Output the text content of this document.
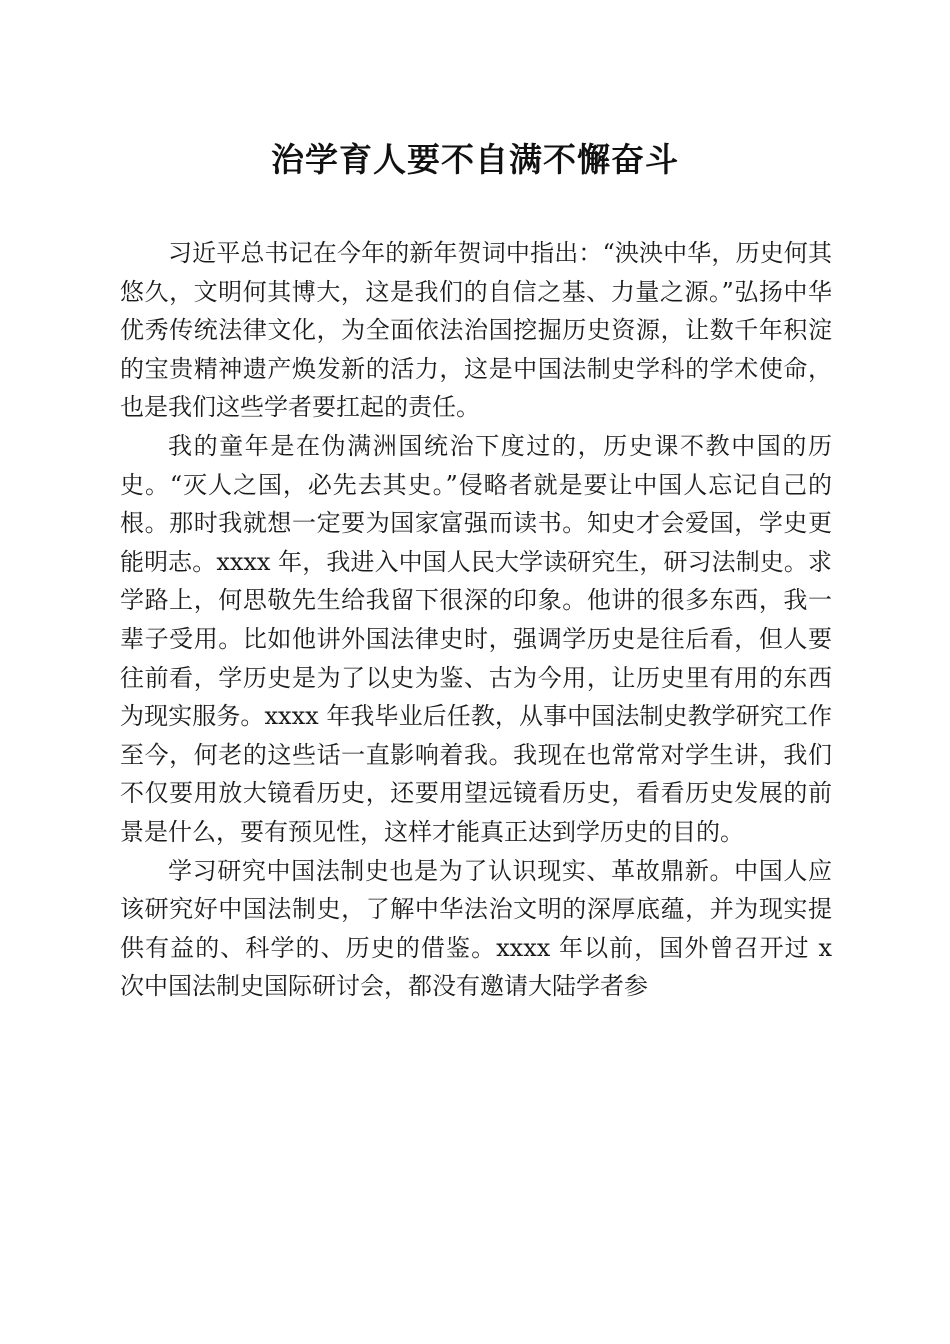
治学育人要不自满不懈奋斗

习近平总书记在今年的新年贺词中指出：“泱泱中华，历史何其悠久，文明何其博大，这是我们的自信之基、力量之源。”弘扬中华优秀传统法律文化，为全面依法治国挖掘历史资源，让数千年积淀的宝贵精神遗产焕发新的活力，这是中国法制史学科的学术使命，也是我们这些学者要扛起的责任。

我的童年是在伪满洲国统治下度过的，历史课不教中国的历史。“灭人之国，必先去其史。”侵略者就是要让中国人忘记自己的根。那时我就想一定要为国家富强而读书。知史才会爱国，学史更能明志。xxxx 年，我进入中国人民大学读研究生，研习法制史。求学路上，何思敬先生给我留下很深的印象。他讲的很多东西，我一辈子受用。比如他讲外国法律史时，强调学历史是往后看，但人要往前看，学历史是为了以史为鉴、古为今用，让历史里有用的东西为现实服务。xxxx 年我毕业后任教，从事中国法制史教学研究工作至今，何老的这些话一直影响着我。我现在也常常对学生讲，我们不仅要用放大镜看历史，还要用望远镜看历史，看看历史发展的前景是什么，要有预见性，这样才能真正达到学历史的目的。

学习研究中国法制史也是为了认识现实、革故鼎新。中国人应该研究好中国法制史，了解中华法治文明的深厚底蕴，并为现实提供有益的、科学的、历史的借鉴。xxxx 年以前，国外曾召开过 x 次中国法制史国际研讨会，都没有邀请大陆学者参
